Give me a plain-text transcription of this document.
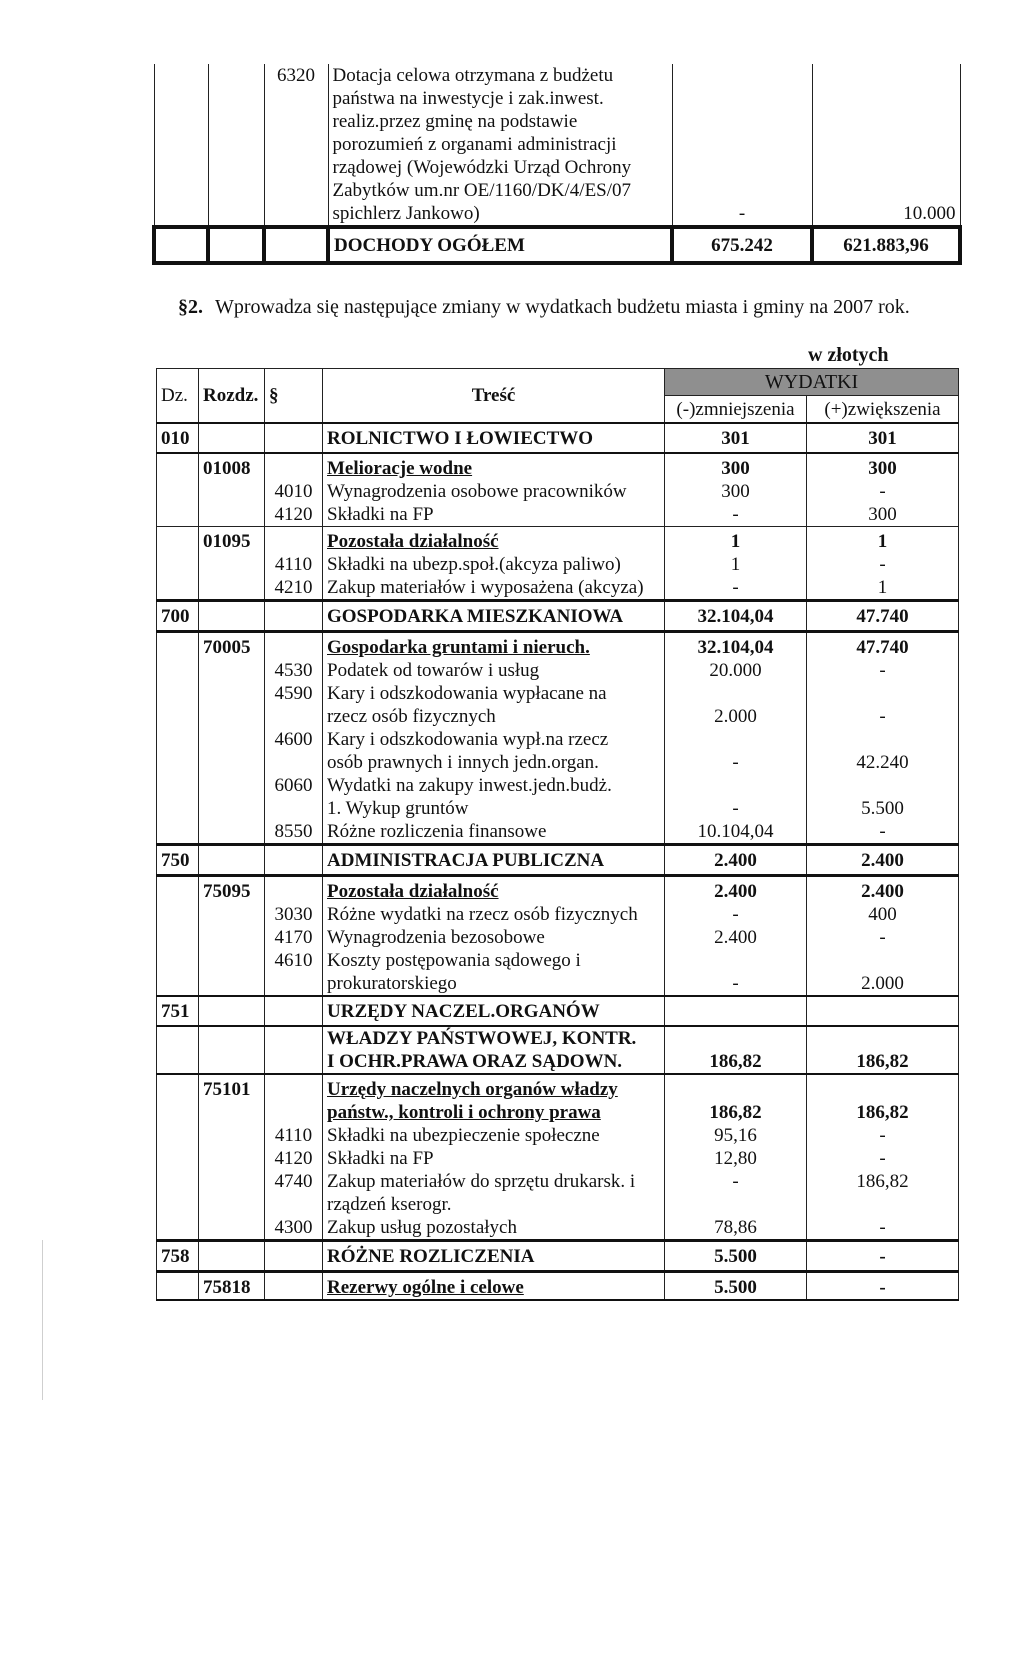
		6320	Dotacja celowa otrzymana z budżetu		
			państwa na inwestycje i zak.inwest.		
			realiz.przez gminę na podstawie		
			porozumień z organami administracji		
			rządowej (Wojewódzki Urząd Ochrony		
			Zabytków um.nr OE/1160/DK/4/ES/07		
			spichlerz Jankowo)	-	10.000
			DOCHODY OGÓŁEM	675.242	621.883,96
§2. Wprowadza się następujące zmiany w wydatkach budżetu miasta i gminy na 2007 rok.
w złotych
Dz.	Rozdz.	§	Treść	WYDATKI	
				(-)zmniejszenia	(+)zwiększenia
010			ROLNICTWO I ŁOWIECTWO	301	301
	01008		Melioracje wodne	300	300
		4010	Wynagrodzenia osobowe pracowników	300	-
		4120	Składki na FP	-	300
	01095		Pozostała działalność	1	1
		4110	Składki na ubezp.społ.(akcyza paliwo)	1	-
		4210	Zakup materiałów i wyposażena (akcyza)	-	1
700			GOSPODARKA MIESZKANIOWA	32.104,04	47.740
	70005		Gospodarka gruntami i nieruch.	32.104,04	47.740
		4530	Podatek od towarów i usług	20.000	-
		4590	Kary i odszkodowania wypłacane na		
			rzecz osób fizycznych	2.000	-
		4600	Kary i odszkodowania wypł.na rzecz		
			osób prawnych i innych jedn.organ.	-	42.240
		6060	Wydatki na zakupy inwest.jedn.budż.		
			1. Wykup gruntów	-	5.500
		8550	Różne rozliczenia finansowe	10.104,04	-
750			ADMINISTRACJA PUBLICZNA	2.400	2.400
	75095		Pozostała działalność	2.400	2.400
		3030	Różne wydatki na rzecz osób fizycznych	-	400
		4170	Wynagrodzenia bezosobowe	2.400	-
		4610	Koszty postępowania sądowego i		
			prokuratorskiego	-	2.000
751			URZĘDY NACZEL.ORGANÓW		
			WŁADZY PAŃSTWOWEJ, KONTR.		
			I OCHR.PRAWA ORAZ SĄDOWN.	186,82	186,82
	75101		Urzędy naczelnych organów władzy		
			państw., kontroli i ochrony prawa	186,82	186,82
		4110	Składki na ubezpieczenie społeczne	95,16	-
		4120	Składki na FP	12,80	-
		4740	Zakup materiałów do sprzętu drukarsk. i	-	186,82
			rządzeń kserogr.		
		4300	Zakup usług pozostałych	78,86	-
758			RÓŻNE ROZLICZENIA	5.500	-
	75818		Rezerwy ogólne i celowe	5.500	-
